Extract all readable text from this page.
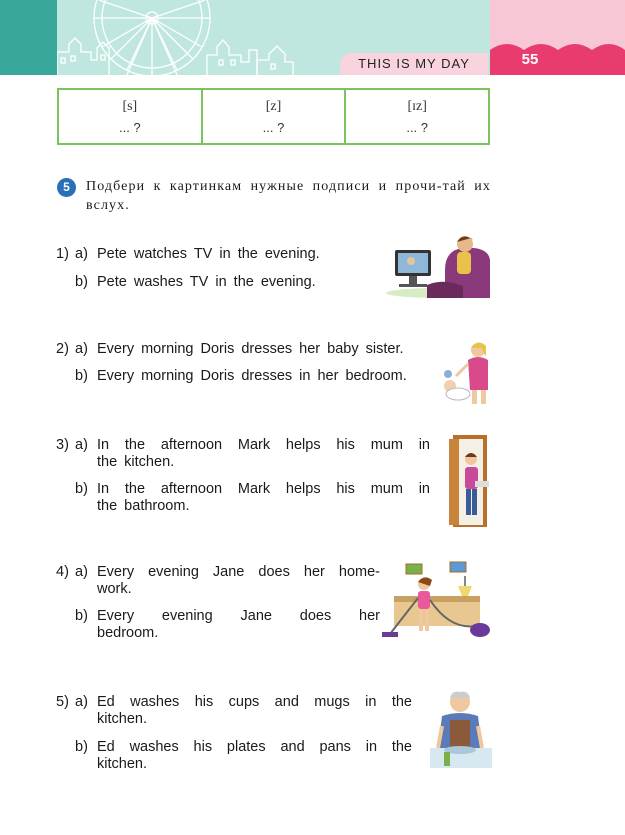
THIS IS MY DAY	55
[s]
... ?
[z]
... ?
[ɪz]
... ?
5	Подбери к картинкам нужные подписи и прочи-тай их вслух.
1) a) Pete watches TV in the evening.
b) Pete washes TV in the evening.
2) a) Every morning Doris dresses her baby sister.
b) Every morning Doris dresses in her bedroom.
3) a) In the afternoon Mark helps his mum in
the kitchen.
b) In the afternoon Mark helps his mum in
the bathroom.
4) a) Every evening Jane does her home-
work.
b) Every evening Jane does her
bedroom.
5) a) Ed washes his cups and mugs in the
kitchen.
b) Ed washes his plates and pans in the
kitchen.
